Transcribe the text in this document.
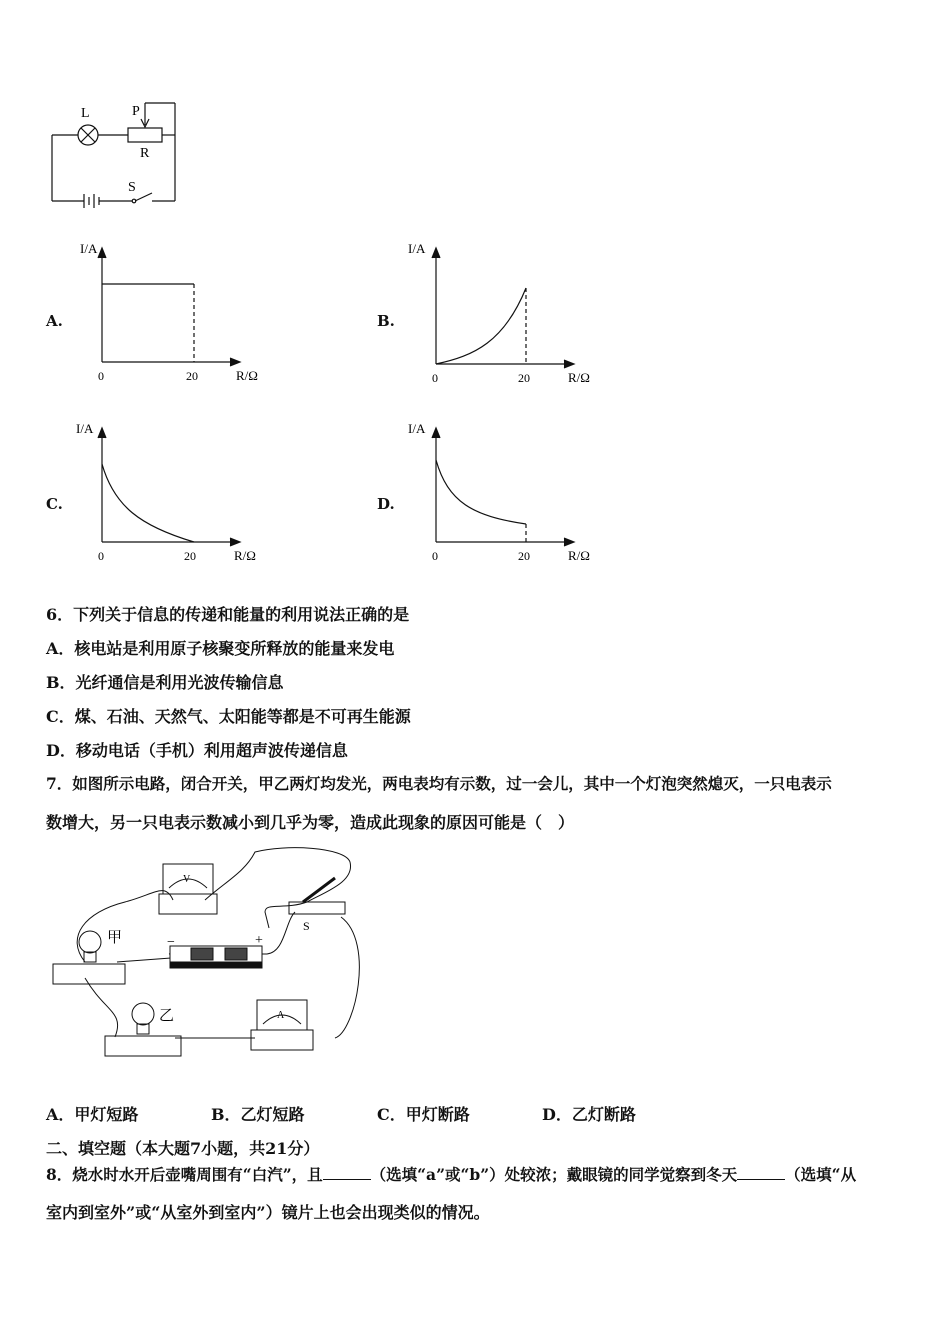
L	P
R
S
A.
I/A
0	20	R/Ω
B.
I/A
0	20	R/Ω
C.
I/A
0	20	R/Ω
D.
I/A
0	20	R/Ω
6．下列关于信息的传递和能量的利用说法正确的是
A．核电站是利用原子核聚变所释放的能量来发电
B．光纤通信是利用光波传输信息
C．煤、石油、天然气、太阳能等都是不可再生能源
D．移动电话（手机）利用超声波传递信息
7．如图所示电路，闭合开关，甲乙两灯均发光，两电表均有示数，过一会儿，其中一个灯泡突然熄灭，一只电表示
数增大，另一只电表示数减小到几乎为零，造成此现象的原因可能是（　）
V
A
甲
乙
S
−	+
A．甲灯短路	B．乙灯短路	C．甲灯断路	D．乙灯断路
二、填空题（本大题7小题，共21分）
8．烧水时水开后壶嘴周围有“白汽”，且	（选填“a”或“b”）处较浓；戴眼镜的同学觉察到冬天	（选填“从
室内到室外”或“从室外到室内”）镜片上也会出现类似的情况。
